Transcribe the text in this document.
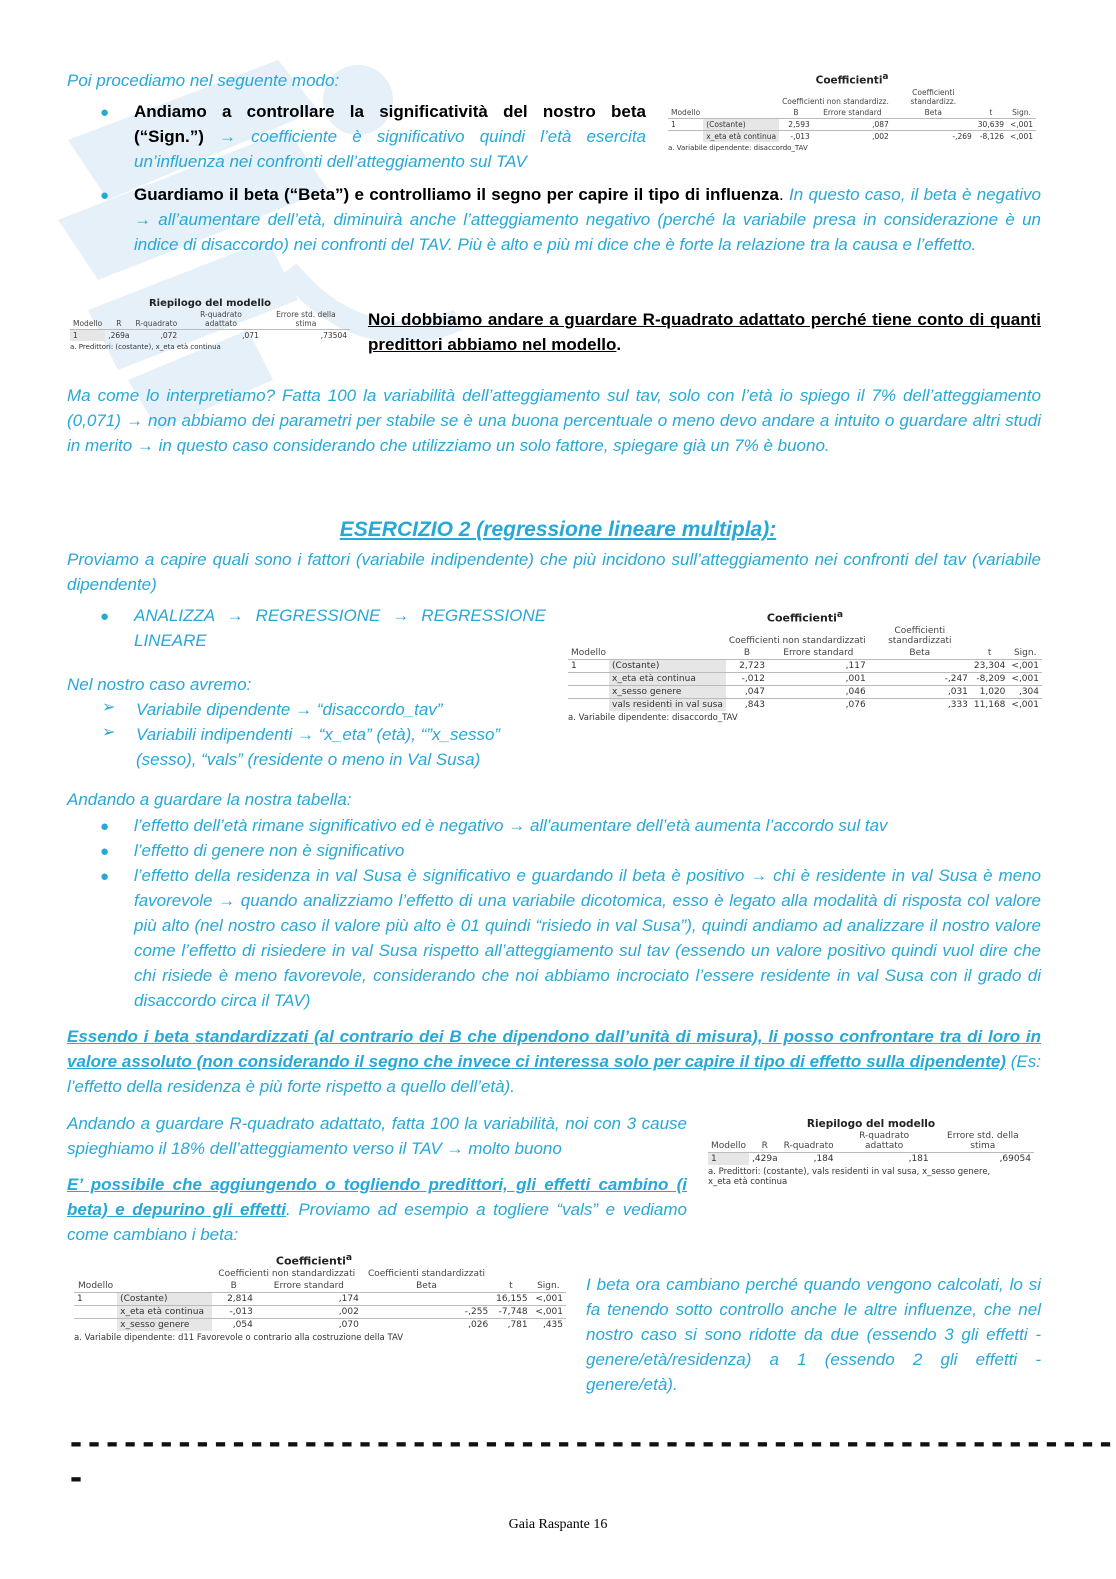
Poi procediamo nel seguente modo:

● Andiamo a controllare la significatività del nostro beta (“Sign.”) → coefficiente è significativo quindi l’età esercita un’influenza nei confronti dell’atteggiamento sul TAV

Coefficienti$^a$
		Coefficienti non standardizz.		Coefficienti standardizz.		
Modello		B	Errore standard	Beta	t	Sign.
1	(Costante)	2,593	,087		30,639	<,001
	x_eta età continua	-,013	,002	-,269	-8,126	<,001
a. Variabile dipendente: disaccordo_TAV
● Guardiamo il beta (“Beta”) e controlliamo il segno per capire il tipo di influenza. In questo caso, il beta è negativo → all’aumentare dell’età, diminuirà anche l’atteggiamento negativo (perché la variabile presa in considerazione è un indice di disaccordo) nei confronti del TAV. Più è alto e più mi dice che è forte la relazione tra la causa e l’effetto.

Riepilogo del modello
Modello	R	R-quadrato	R-quadrato adattato	Errore std. della stima
1	,269a	,072	,071	,73504
a. Predittori: (costante), x_eta età continua

Noi dobbiamo andare a guardare R-quadrato adattato perché tiene conto di quanti predittori abbiamo nel modello.

Ma come lo interpretiamo? Fatta 100 la variabilità dell’atteggiamento sul tav, solo con l’età io spiego il 7% dell’atteggiamento (0,071) → non abbiamo dei parametri per stabile se è una buona percentuale o meno devo andare a intuito o guardare altri studi in merito → in questo caso considerando che utilizziamo un solo fattore, spiegare già un 7% è buono.

ESERCIZIO 2 (regressione lineare multipla):

Proviamo a capire quali sono i fattori (variabile indipendente) che più incidono sull’atteggiamento nei confronti del tav (variabile dipendente)

● ANALIZZA → REGRESSIONE → REGRESSIONE LINEARE

Coefficienti$^a$
		Coefficienti non standardizzati		Coefficienti standardizzati		
Modello		B	Errore standard	Beta	t	Sign.
1	(Costante)	2,723	,117		23,304	<,001
	x_eta età continua	-,012	,001	-,247	-8,209	<,001
	x_sesso genere	,047	,046	,031	1,020	,304
	vals residenti in val susa	,843	,076	,333	11,168	<,001
a. Variabile dipendente: disaccordo_TAV

Nel nostro caso avremo:

➢ Variabile dipendente → “disaccordo_tav”

➢ Variabili indipendenti → “x_eta” (età), “”x_sesso” (sesso), “vals” (residente o meno in Val Susa)

Andando a guardare la nostra tabella:

● l’effetto dell’età rimane significativo ed è negativo → all'aumentare dell’età aumenta l’accordo sul tav

● l’effetto di genere non è significativo

● l’effetto della residenza in val Susa è significativo e guardando il beta è positivo → chi è residente in val Susa è meno favorevole → quando analizziamo l’effetto di una variabile dicotomica, esso è legato alla modalità di risposta col valore più alto (nel nostro caso il valore più alto è 01 quindi “risiedo in val Susa”), quindi andiamo ad analizzare il nostro valore come l’effetto di risiedere in val Susa rispetto all’atteggiamento sul tav (essendo un valore positivo quindi vuol dire che chi risiede è meno favorevole, considerando che noi abbiamo incrociato l’essere residente in val Susa con il grado di disaccordo circa il TAV)

Essendo i beta standardizzati (al contrario dei B che dipendono dall’unità di misura), li posso confrontare tra di loro in valore assoluto (non considerando il segno che invece ci interessa solo per capire il tipo di effetto sulla dipendente) (Es: l’effetto della residenza è più forte rispetto a quello dell’età).

Andando a guardare R-quadrato adattato, fatta 100 la variabilità, noi con 3 cause spieghiamo il 18% dell’atteggiamento verso il TAV → molto buono

Riepilogo del modello
Modello	R	R-quadrato	R-quadrato adattato	Errore std. della stima
1	,429a	,184	,181	,69054
a. Predittori: (costante), vals residenti in val susa, x_sesso genere, x_eta età continua

E’ possibile che aggiungendo o togliendo predittori, gli effetti cambino (i beta) e depurino gli effetti. Proviamo ad esempio a togliere “vals” e vediamo come cambiano i beta:

Coefficienti$^a$
		Coefficienti non standardizzati		Coefficienti standardizzati		
Modello		B	Errore standard	Beta	t	Sign.
1	(Costante)	2,814	,174		16,155	<,001
	x_eta età continua	-,013	,002	-,255	-7,748	<,001
	x_sesso genere	,054	,070	,026	,781	,435
a. Variabile dipendente: d11 Favorevole o contrario alla costruzione della TAV

I beta ora cambiano perché quando vengono calcolati, lo si fa tenendo sotto controllo anche le altre influenze, che nel nostro caso si sono ridotte da due (essendo 3 gli effetti - genere/età/residenza) a 1 (essendo 2 gli effetti - genere/età).

-----------------------------------------------------------
Gaia Raspante 16
